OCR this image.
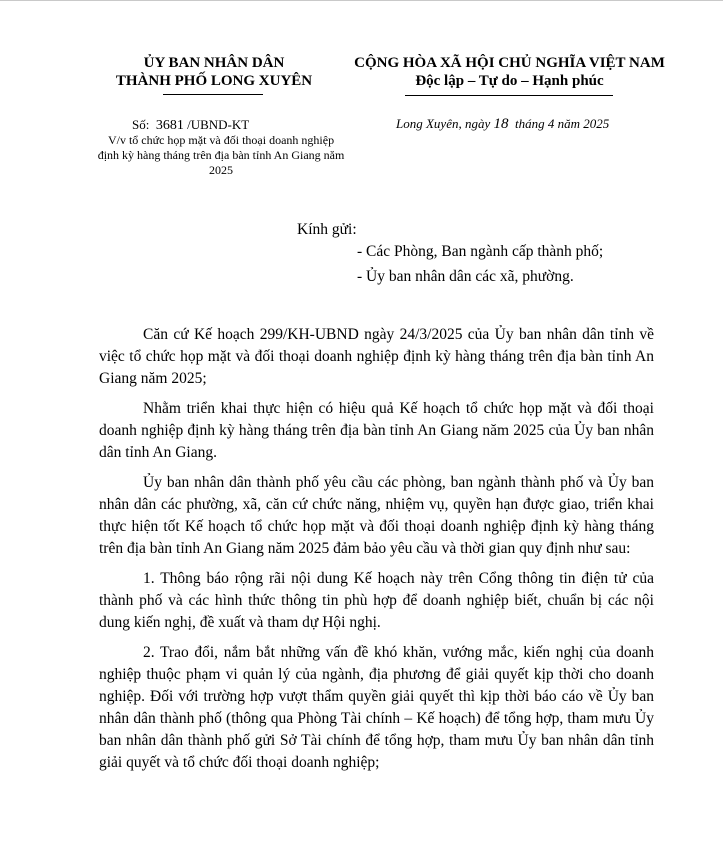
ỦY BAN NHÂN DÂN
THÀNH PHỐ LONG XUYÊN
CỘNG HÒA XÃ HỘI CHỦ NGHĨA VIỆT NAM
Độc lập – Tự do – Hạnh phúc
Số: 3681 /UBND-KT
V/v tổ chức họp mặt và đối thoại doanh nghiệp định kỳ hàng tháng trên địa bàn tỉnh An Giang năm 2025
Long Xuyên, ngày 18 tháng 4 năm 2025
Kính gửi:
- Các Phòng, Ban ngành cấp thành phố;
- Ủy ban nhân dân các xã, phường.

Căn cứ Kế hoạch 299/KH-UBND ngày 24/3/2025 của Ủy ban nhân dân tỉnh về việc tổ chức họp mặt và đối thoại doanh nghiệp định kỳ hàng tháng trên địa bàn tỉnh An Giang năm 2025;

Nhằm triển khai thực hiện có hiệu quả Kế hoạch tổ chức họp mặt và đối thoại doanh nghiệp định kỳ hàng tháng trên địa bàn tỉnh An Giang năm 2025 của Ủy ban nhân dân tỉnh An Giang.

Ủy ban nhân dân thành phố yêu cầu các phòng, ban ngành thành phố và Ủy ban nhân dân các phường, xã, căn cứ chức năng, nhiệm vụ, quyền hạn được giao, triển khai thực hiện tốt Kế hoạch tổ chức họp mặt và đối thoại doanh nghiệp định kỳ hàng tháng trên địa bàn tỉnh An Giang năm 2025 đảm bảo yêu cầu và thời gian quy định như sau:

1. Thông báo rộng rãi nội dung Kế hoạch này trên Cổng thông tin điện tử của thành phố và các hình thức thông tin phù hợp để doanh nghiệp biết, chuẩn bị các nội dung kiến nghị, đề xuất và tham dự Hội nghị.

2. Trao đổi, nắm bắt những vấn đề khó khăn, vướng mắc, kiến nghị của doanh nghiệp thuộc phạm vi quản lý của ngành, địa phương để giải quyết kịp thời cho doanh nghiệp. Đối với trường hợp vượt thẩm quyền giải quyết thì kịp thời báo cáo về Ủy ban nhân dân thành phố (thông qua Phòng Tài chính – Kế hoạch) để tổng hợp, tham mưu Ủy ban nhân dân thành phố gửi Sở Tài chính để tổng hợp, tham mưu Ủy ban nhân dân tỉnh giải quyết và tổ chức đối thoại doanh nghiệp;
